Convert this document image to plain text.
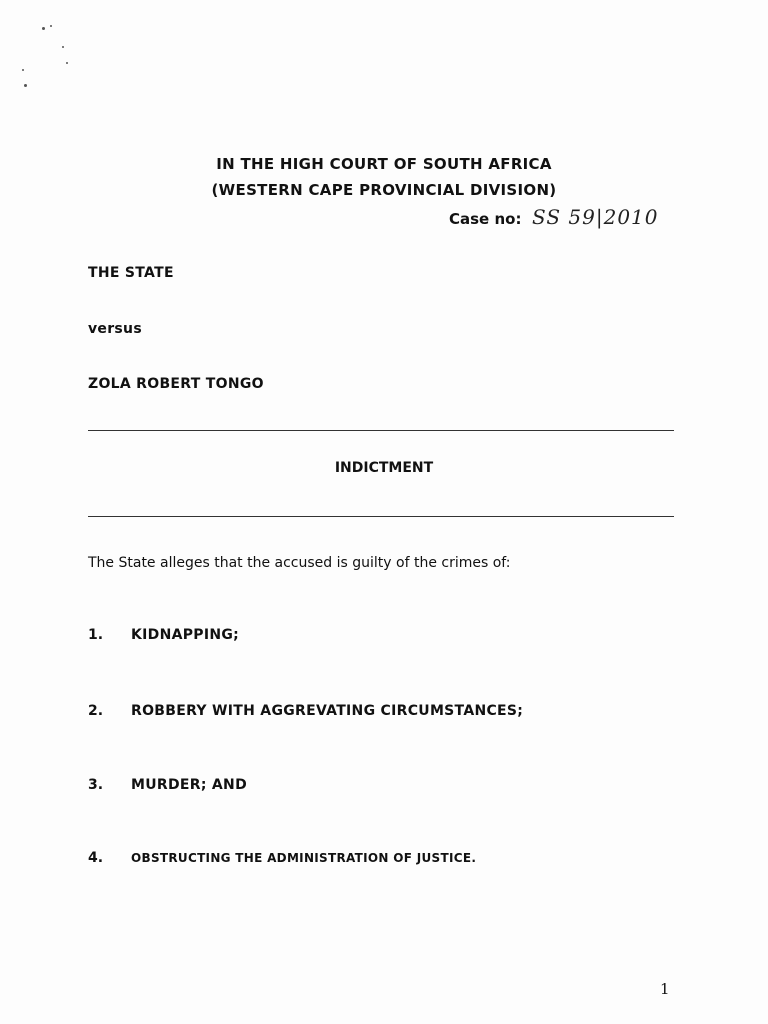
IN THE HIGH COURT OF SOUTH AFRICA
(WESTERN CAPE PROVINCIAL DIVISION)
Case no: SS 59|2010
THE STATE
versus
ZOLA ROBERT TONGO
INDICTMENT
The State alleges that the accused is guilty of the crimes of:
1. KIDNAPPING;
2. ROBBERY WITH AGGREVATING CIRCUMSTANCES;
3. MURDER; AND
4. OBSTRUCTING THE ADMINISTRATION OF JUSTICE.
1
